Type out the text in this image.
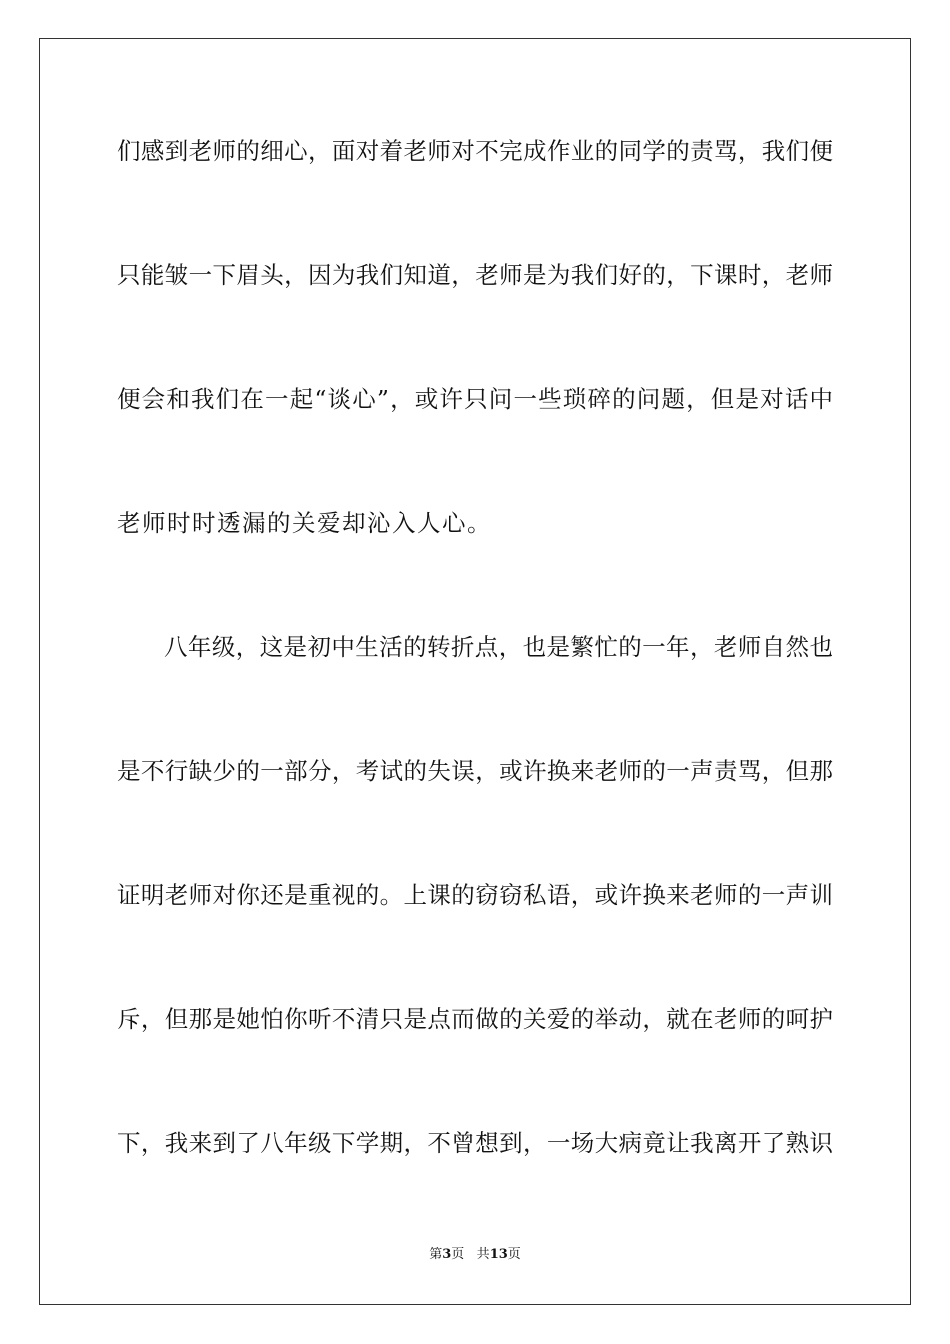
们感到老师的细心，面对着老师对不完成作业的同学的责骂，我们便
只能皱一下眉头，因为我们知道，老师是为我们好的，下课时，老师
便会和我们在一起“谈心”，或许只问一些琐碎的问题，但是对话中
老师时时透漏的关爱却沁入人心。
八年级，这是初中生活的转折点，也是繁忙的一年，老师自然也
是不行缺少的一部分，考试的失误，或许换来老师的一声责骂，但那
证明老师对你还是重视的。上课的窃窃私语，或许换来老师的一声训
斥，但那是她怕你听不清只是点而做的关爱的举动，就在老师的呵护
下，我来到了八年级下学期，不曾想到，一场大病竟让我离开了熟识
第3页 共13页
